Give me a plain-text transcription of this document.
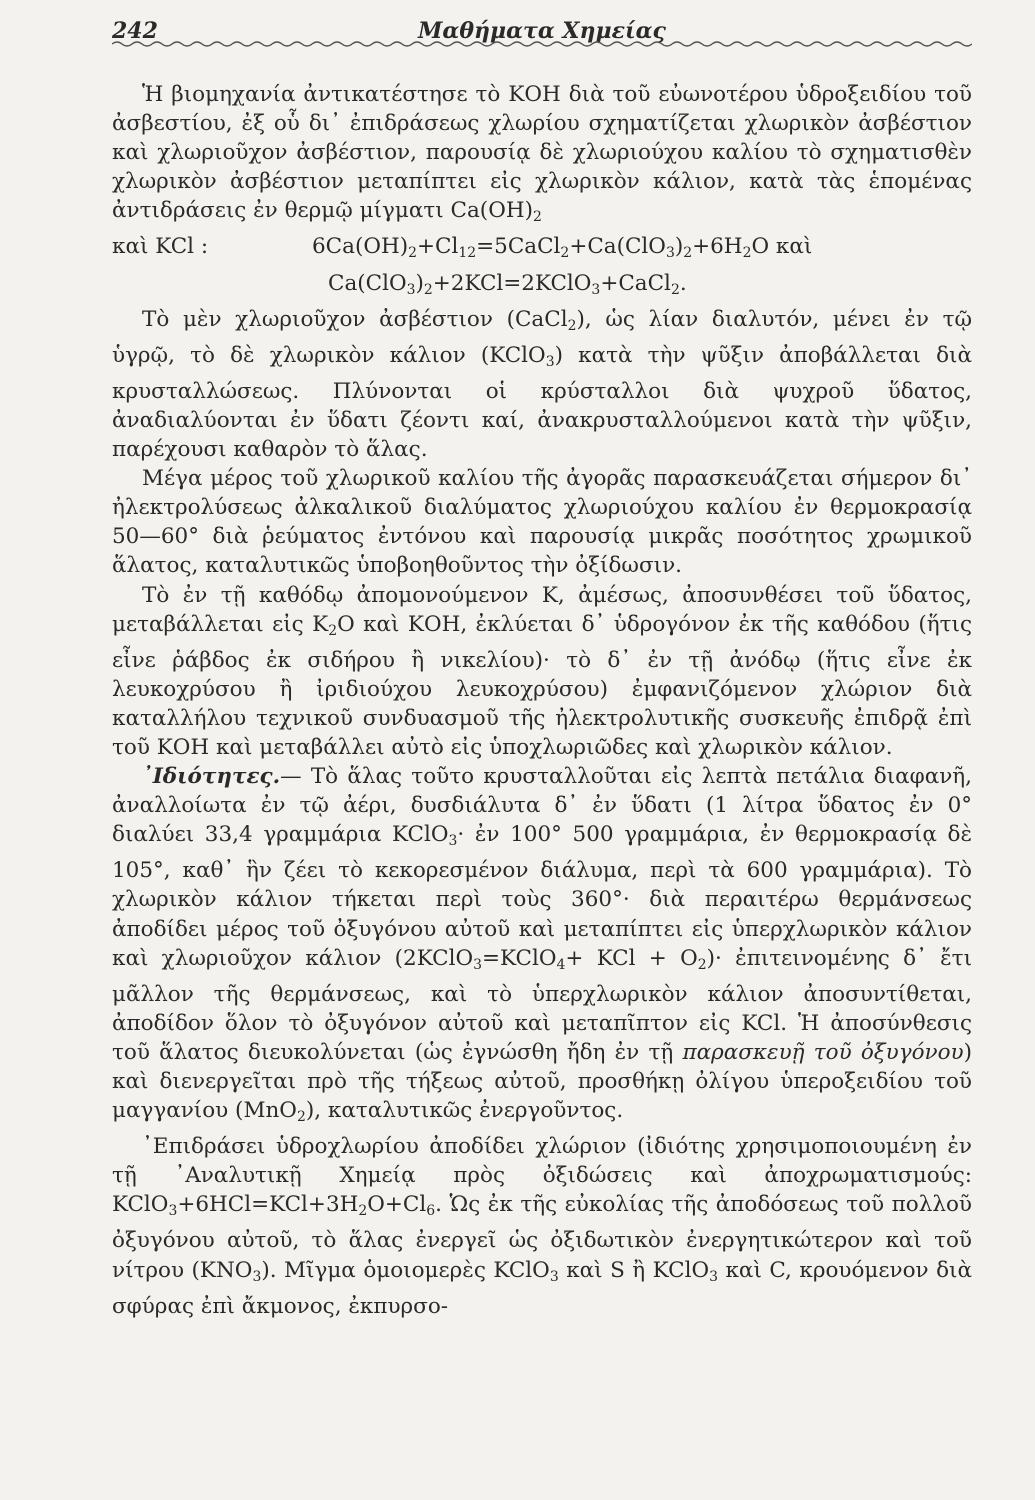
242	Μαθήματα Χημείας

Ἡ βιομηχανία ἀντικατέστησε τὸ ΚΟΗ διὰ τοῦ εὐωνοτέρου ὑδροξειδίου τοῦ ἀσβεστίου, ἐξ οὗ δι᾿ ἐπιδράσεως χλωρίου σχηματίζεται χλωρικὸν ἀσβέστιον καὶ χλωριοῦχον ἀσβέστιον, παρουσίᾳ δὲ χλωριούχου καλίου τὸ σχηματισθὲν χλωρικὸν ἀσβέστιον μεταπίπτει εἰς χλωρικὸν κάλιον, κατὰ τὰς ἑπομένας ἀντιδράσεις ἐν θερμῷ μίγματι $Ca(OH)_2$

καὶ KCl :	$6Ca(OH)_2+Cl_{12}=5CaCl_2+Ca(ClO_3)_2+6H_2O$ καὶ
$Ca(ClO_3)_2+2KCl=2KClO_3+CaCl_2$.

Τὸ μὲν χλωριοῦχον ἀσβέστιον (CaCl$_2$), ὡς λίαν διαλυτόν, μένει ἐν τῷ ὑγρῷ, τὸ δὲ χλωρικὸν κάλιον (KClO$_3$) κατὰ τὴν ψῦξιν ἀποβάλλεται διὰ κρυσταλλώσεως. Πλύνονται οἱ κρύσταλλοι διὰ ψυχροῦ ὕδατος, ἀναδιαλύονται ἐν ὕδατι ζέοντι καί, ἀνακρυσταλλούμενοι κατὰ τὴν ψῦξιν, παρέχουσι καθαρὸν τὸ ἅλας.

Μέγα μέρος τοῦ χλωρικοῦ καλίου τῆς ἀγορᾶς παρασκευάζεται σήμερον δι᾿ ἠλεκτρολύσεως ἀλκαλικοῦ διαλύματος χλωριούχου καλίου ἐν θερμοκρασίᾳ 50—60° διὰ ῥεύματος ἐντόνου καὶ παρουσίᾳ μικρᾶς ποσότητος χρωμικοῦ ἅλατος, καταλυτικῶς ὑποβοηθοῦντος τὴν ὀξίδωσιν.

Τὸ ἐν τῇ καθόδῳ ἀπομονούμενον Κ, ἀμέσως, ἀποσυνθέσει τοῦ ὕδατος, μεταβάλλεται εἰς $K_2O$ καὶ ΚΟΗ, ἐκλύεται δ᾿ ὑδρογόνον ἐκ τῆς καθόδου (ἥτις εἶνε ῥάβδος ἐκ σιδήρου ἢ νικελίου)· τὸ δ᾿ ἐν τῇ ἀνόδῳ (ἥτις εἶνε ἐκ λευκοχρύσου ἢ ἰριδιούχου λευκοχρύσου) ἐμφανιζόμενον χλώριον διὰ καταλλήλου τεχνικοῦ συνδυασμοῦ τῆς ἠλεκτρολυτικῆς συσκευῆς ἐπιδρᾷ ἐπὶ τοῦ ΚΟΗ καὶ μεταβάλλει αὐτὸ εἰς ὑποχλωριῶδες καὶ χλωρικὸν κάλιον.

᾿Ιδιότητες.— Τὸ ἅλας τοῦτο κρυσταλλοῦται εἰς λεπτὰ πετάλια διαφανῆ, ἀναλλοίωτα ἐν τῷ ἀέρι, δυσδιάλυτα δ᾿ ἐν ὕδατι (1 λίτρα ὕδατος ἐν 0° διαλύει 33,4 γραμμάρια KClO$_3$· ἐν 100° 500 γραμμάρια, ἐν θερμοκρασίᾳ δὲ 105°, καθ᾿ ἣν ζέει τὸ κεκορεσμένον διάλυμα, περὶ τὰ 600 γραμμάρια). Τὸ χλωρικὸν κάλιον τήκεται περὶ τοὺς 360°· διὰ περαιτέρω θερμάνσεως ἀποδίδει μέρος τοῦ ὀξυγόνου αὐτοῦ καὶ μεταπίπτει εἰς ὑπερχλωρικὸν κάλιον καὶ χλωριοῦχον κάλιον (2KClO$_3$=KClO$_4$+ KCl + $O_2)\cdot$ ἐπιτεινομένης δ᾿ ἔτι μᾶλλον τῆς θερμάνσεως, καὶ τὸ ὑπερχλωρικὸν κάλιον ἀποσυντίθεται, ἀποδίδον ὅλον τὸ ὀξυγόνον αὐτοῦ καὶ μεταπῖπτον εἰς KCl. Ἡ ἀποσύνθεσις τοῦ ἅλατος διευκολύνεται (ὡς ἐγνώσθη ἤδη ἐν τῇ παρασκευῇ τοῦ ὀξυγόνου) καὶ διενεργεῖται πρὸ τῆς τήξεως αὐτοῦ, προσθήκῃ ὀλίγου ὑπεροξειδίου τοῦ μαγγανίου (MnO$_2$), καταλυτικῶς ἐνεργοῦντος.

᾿Επιδράσει ὑδροχλωρίου ἀποδίδει χλώριον (ἰδιότης χρησιμοποιουμένη ἐν τῇ ᾿Αναλυτικῇ Χημείᾳ πρὸς ὀξιδώσεις καὶ ἀποχρωματισμούς: $KClO_3+6HCl=KCl+3H_2O+Cl_6$. Ὡς ἐκ τῆς εὐκολίας τῆς ἀποδόσεως τοῦ πολλοῦ ὀξυγόνου αὐτοῦ, τὸ ἅλας ἐνεργεῖ ὡς ὀξιδωτικὸν ἐνεργητικώτερον καὶ τοῦ νίτρου $(KNO_3)$. Μῖγμα ὁμοιομερὲς KClO$_3$ καὶ S ἢ KClO$_3$ καὶ C, κρουόμενον διὰ σφύρας ἐπὶ ἄκμονος, ἐκπυρσο-
